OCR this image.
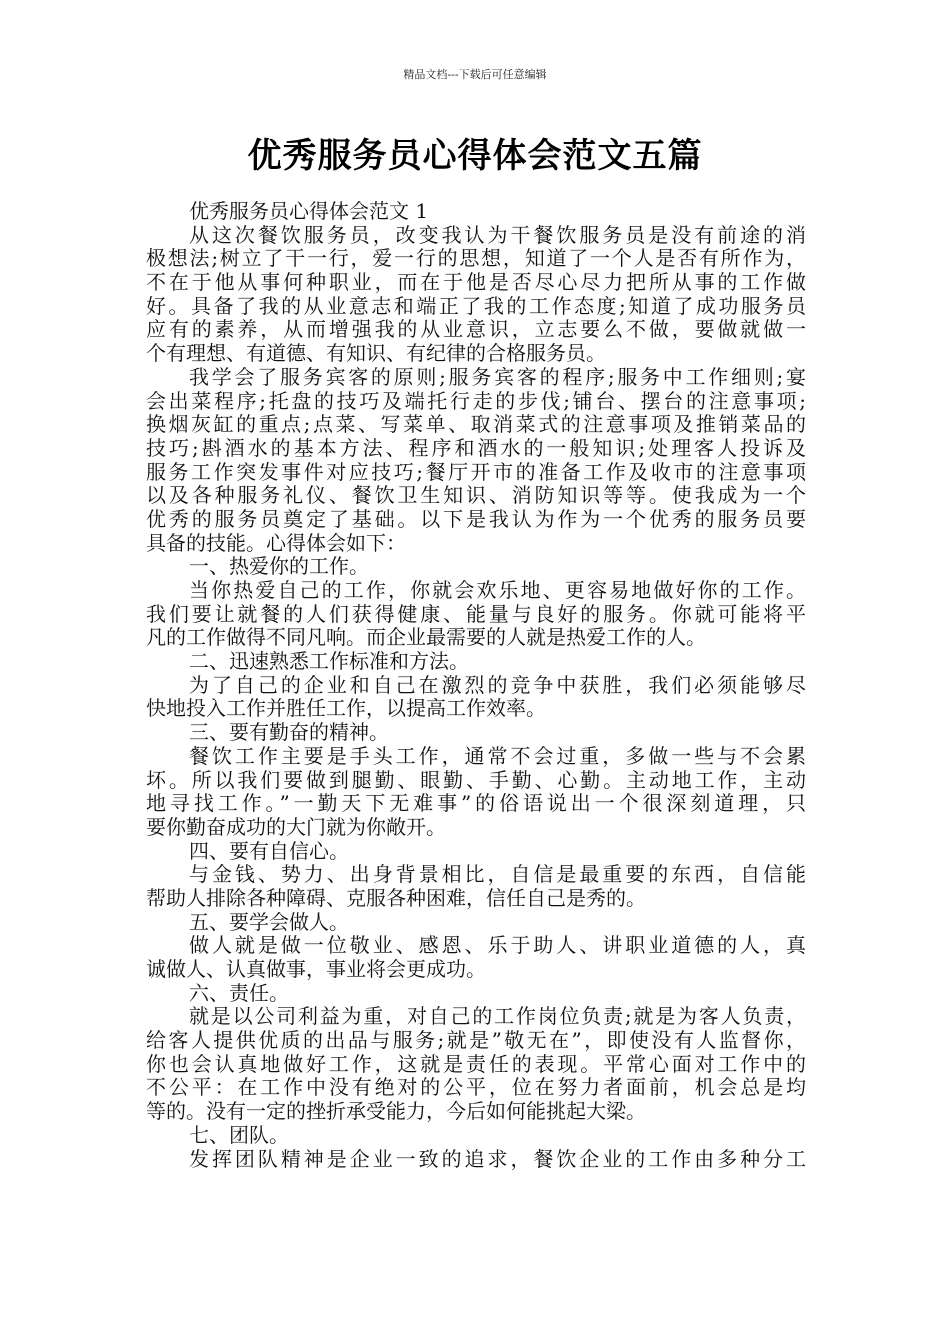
精品文档---下载后可任意编辑
优秀服务员心得体会范文五篇
优秀服务员心得体会范文 1
从这次餐饮服务员，改变我认为干餐饮服务员是没有前途的消
极想法;树立了干一行，爱一行的思想，知道了一个人是否有所作为，
不在于他从事何种职业，而在于他是否尽心尽力把所从事的工作做
好。具备了我的从业意志和端正了我的工作态度;知道了成功服务员
应有的素养，从而增强我的从业意识，立志要么不做，要做就做一
个有理想、有道德、有知识、有纪律的合格服务员。
我学会了服务宾客的原则;服务宾客的程序;服务中工作细则;宴
会出菜程序;托盘的技巧及端托行走的步伐;铺台、摆台的注意事项;
换烟灰缸的重点;点菜、写菜单、取消菜式的注意事项及推销菜品的
技巧;斟酒水的基本方法、程序和酒水的一般知识;处理客人投诉及
服务工作突发事件对应技巧;餐厅开市的准备工作及收市的注意事项
以及各种服务礼仪、餐饮卫生知识、消防知识等等。使我成为一个
优秀的服务员奠定了基础。以下是我认为作为一个优秀的服务员要
具备的技能。心得体会如下：
一、热爱你的工作。
当你热爱自己的工作，你就会欢乐地、更容易地做好你的工作。
我们要让就餐的人们获得健康、能量与良好的服务。你就可能将平
凡的工作做得不同凡响。而企业最需要的人就是热爱工作的人。
二、迅速熟悉工作标准和方法。
为了自己的企业和自己在激烈的竞争中获胜，我们必须能够尽
快地投入工作并胜任工作，以提高工作效率。
三、要有勤奋的精神。
餐饮工作主要是手头工作，通常不会过重，多做一些与不会累
坏。所以我们要做到腿勤、眼勤、手勤、心勤。主动地工作，主动
地寻找工作。”一勤天下无难事”的俗语说出一个很深刻道理，只
要你勤奋成功的大门就为你敞开。
四、要有自信心。
与金钱、势力、出身背景相比，自信是最重要的东西，自信能
帮助人排除各种障碍、克服各种困难，信任自己是秀的。
五、要学会做人。
做人就是做一位敬业、感恩、乐于助人、讲职业道德的人，真
诚做人、认真做事，事业将会更成功。
六、责任。
就是以公司利益为重，对自己的工作岗位负责;就是为客人负责，
给客人提供优质的出品与服务;就是”敬无在”，即使没有人监督你，
你也会认真地做好工作，这就是责任的表现。平常心面对工作中的
不公平：在工作中没有绝对的公平，位在努力者面前，机会总是均
等的。没有一定的挫折承受能力，今后如何能挑起大梁。
七、团队。
发挥团队精神是企业一致的追求，餐饮企业的工作由多种分工
